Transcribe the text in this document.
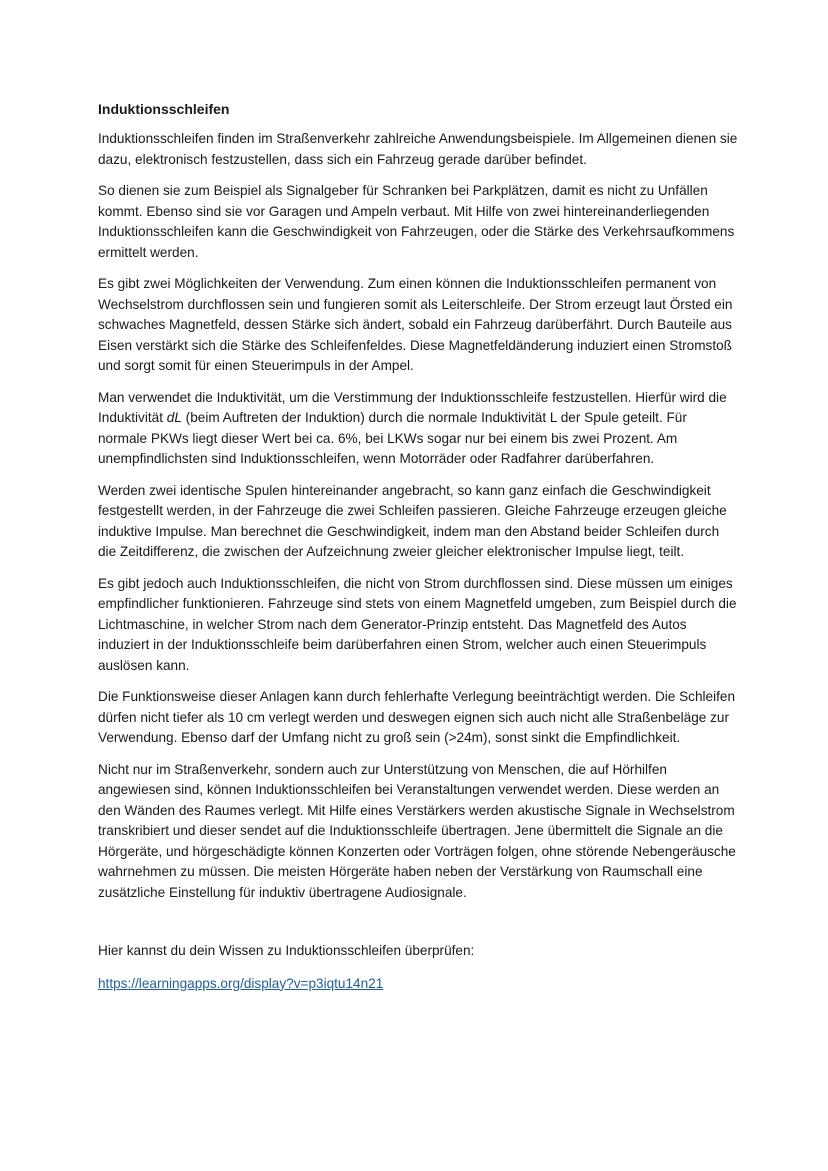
Induktionsschleifen

Induktionsschleifen finden im Straßenverkehr zahlreiche Anwendungsbeispiele. Im Allgemeinen dienen sie dazu, elektronisch festzustellen, dass sich ein Fahrzeug gerade darüber befindet.

So dienen sie zum Beispiel als Signalgeber für Schranken bei Parkplätzen, damit es nicht zu Unfällen kommt. Ebenso sind sie vor Garagen und Ampeln verbaut. Mit Hilfe von zwei hintereinanderliegenden Induktionsschleifen kann die Geschwindigkeit von Fahrzeugen, oder die Stärke des Verkehrsaufkommens ermittelt werden.

Es gibt zwei Möglichkeiten der Verwendung. Zum einen können die Induktionsschleifen permanent von Wechselstrom durchflossen sein und fungieren somit als Leiterschleife. Der Strom erzeugt laut Örsted ein schwaches Magnetfeld, dessen Stärke sich ändert, sobald ein Fahrzeug darüberfährt. Durch Bauteile aus Eisen verstärkt sich die Stärke des Schleifenfeldes. Diese Magnetfeldänderung induziert einen Stromstoß und sorgt somit für einen Steuerimpuls in der Ampel.

Man verwendet die Induktivität, um die Verstimmung der Induktionsschleife festzustellen. Hierfür wird die Induktivität dL (beim Auftreten der Induktion) durch die normale Induktivität L der Spule geteilt. Für normale PKWs liegt dieser Wert bei ca. 6%, bei LKWs sogar nur bei einem bis zwei Prozent. Am unempfindlichsten sind Induktionsschleifen, wenn Motorräder oder Radfahrer darüberfahren.

Werden zwei identische Spulen hintereinander angebracht, so kann ganz einfach die Geschwindigkeit festgestellt werden, in der Fahrzeuge die zwei Schleifen passieren. Gleiche Fahrzeuge erzeugen gleiche induktive Impulse. Man berechnet die Geschwindigkeit, indem man den Abstand beider Schleifen durch die Zeitdifferenz, die zwischen der Aufzeichnung zweier gleicher elektronischer Impulse liegt, teilt.

Es gibt jedoch auch Induktionsschleifen, die nicht von Strom durchflossen sind. Diese müssen um einiges empfindlicher funktionieren. Fahrzeuge sind stets von einem Magnetfeld umgeben, zum Beispiel durch die Lichtmaschine, in welcher Strom nach dem Generator-Prinzip entsteht. Das Magnetfeld des Autos induziert in der Induktionsschleife beim darüberfahren einen Strom, welcher auch einen Steuerimpuls auslösen kann.

Die Funktionsweise dieser Anlagen kann durch fehlerhafte Verlegung beeinträchtigt werden. Die Schleifen dürfen nicht tiefer als 10 cm verlegt werden und deswegen eignen sich auch nicht alle Straßenbeläge zur Verwendung. Ebenso darf der Umfang nicht zu groß sein (>24m), sonst sinkt die Empfindlichkeit.

Nicht nur im Straßenverkehr, sondern auch zur Unterstützung von Menschen, die auf Hörhilfen angewiesen sind, können Induktionsschleifen bei Veranstaltungen verwendet werden. Diese werden an den Wänden des Raumes verlegt. Mit Hilfe eines Verstärkers werden akustische Signale in Wechselstrom transkribiert und dieser sendet auf die Induktionsschleife übertragen. Jene übermittelt die Signale an die Hörgeräte, und hörgeschädigte können Konzerten oder Vorträgen folgen, ohne störende Nebengeräusche wahrnehmen zu müssen. Die meisten Hörgeräte haben neben der Verstärkung von Raumschall eine zusätzliche Einstellung für induktiv übertragene Audiosignale.

Hier kannst du dein Wissen zu Induktionsschleifen überprüfen:

https://learningapps.org/display?v=p3iqtu14n21
